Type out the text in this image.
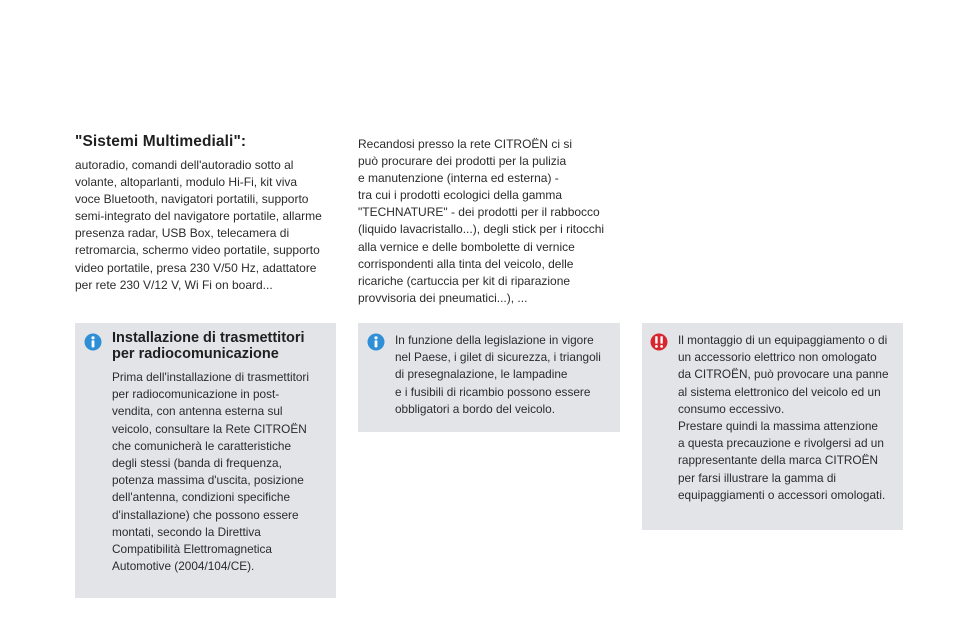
"Sistemi Multimediali":

autoradio, comandi dell'autoradio sotto al
volante, altoparlanti, modulo Hi-Fi, kit viva
voce Bluetooth, navigatori portatili, supporto
semi-integrato del navigatore portatile, allarme
presenza radar, USB Box, telecamera di
retromarcia, schermo video portatile, supporto
video portatile, presa 230 V/50 Hz, adattatore
per rete 230 V/12 V, Wi Fi on board...

Recandosi presso la rete CITROËN ci si
può procurare dei prodotti per la pulizia
e manutenzione (interna ed esterna) -
tra cui i prodotti ecologici della gamma
"TECHNATURE" - dei prodotti per il rabbocco
(liquido lavacristallo...), degli stick per i ritocchi
alla vernice e delle bombolette di vernice
corrispondenti alla tinta del veicolo, delle
ricariche (cartuccia per kit di riparazione
provvisoria dei pneumatici...), ...

Installazione di trasmettitori
per radiocomunicazione

Prima dell'installazione di trasmettitori
per radiocomunicazione in post-
vendita, con antenna esterna sul
veicolo, consultare la Rete CITROËN
che comunicherà le caratteristiche
degli stessi (banda di frequenza,
potenza massima d'uscita, posizione
dell'antenna, condizioni specifiche
d'installazione) che possono essere
montati, secondo la Direttiva
Compatibilità Elettromagnetica
Automotive (2004/104/CE).

In funzione della legislazione in vigore
nel Paese, i gilet di sicurezza, i triangoli
di presegnalazione, le lampadine
e i fusibili di ricambio possono essere
obbligatori a bordo del veicolo.

Il montaggio di un equipaggiamento o di
un accessorio elettrico non omologato
da CITROËN, può provocare una panne
al sistema elettronico del veicolo ed un
consumo eccessivo.
Prestare quindi la massima attenzione
a questa precauzione e rivolgersi ad un
rappresentante della marca CITROËN
per farsi illustrare la gamma di
equipaggiamenti o accessori omologati.
